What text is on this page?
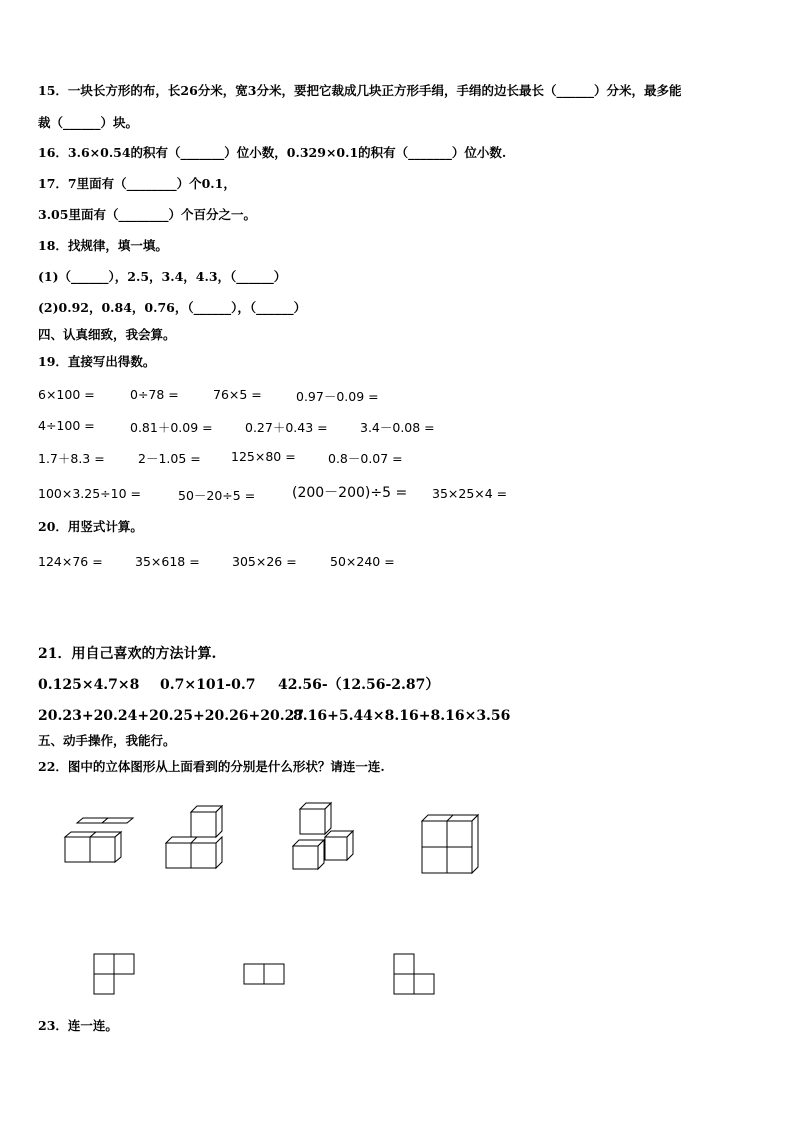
15．一块长方形的布，长26分米，宽3分米，要把它裁成几块正方形手绢，手绢的边长最长（______）分米，最多能
裁（______）块。
16．3.6×0.54的积有（_______）位小数，0.329×0.1的积有（_______）位小数.
17．7里面有（________）个0.1，
3.05里面有（________）个百分之一。
18．找规律，填一填。
(1)（______），2.5，3.4，4.3，（______）
(2)0.92，0.84，0.76，（______），（______）
四、认真细致，我会算。
19．直接写出得数。
6×100 =	0÷78 =	76×5 =	0.97－0.09 =
4÷100 =	0.81＋0.09 =	0.27＋0.43 =	3.4－0.08 =
1.7＋8.3 =	2－1.05 = 125×80 =	0.8－0.07 =
100×3.25÷10 =	50－20÷5 =	(200－200)÷5 = 35×25×4 =
20．用竖式计算。
124×76 =	35×618 =	305×26 =	50×240 =
21．用自己喜欢的方法计算.
0.125×4.7×8 0.7×101-0.7 42.56-（12.56-2.87）
20.23+20.24+20.25+20.26+20.27
8.16+5.44×8.16+8.16×3.56
五、动手操作，我能行。
22．图中的立体图形从上面看到的分别是什么形状？请连一连.
23．连一连。
